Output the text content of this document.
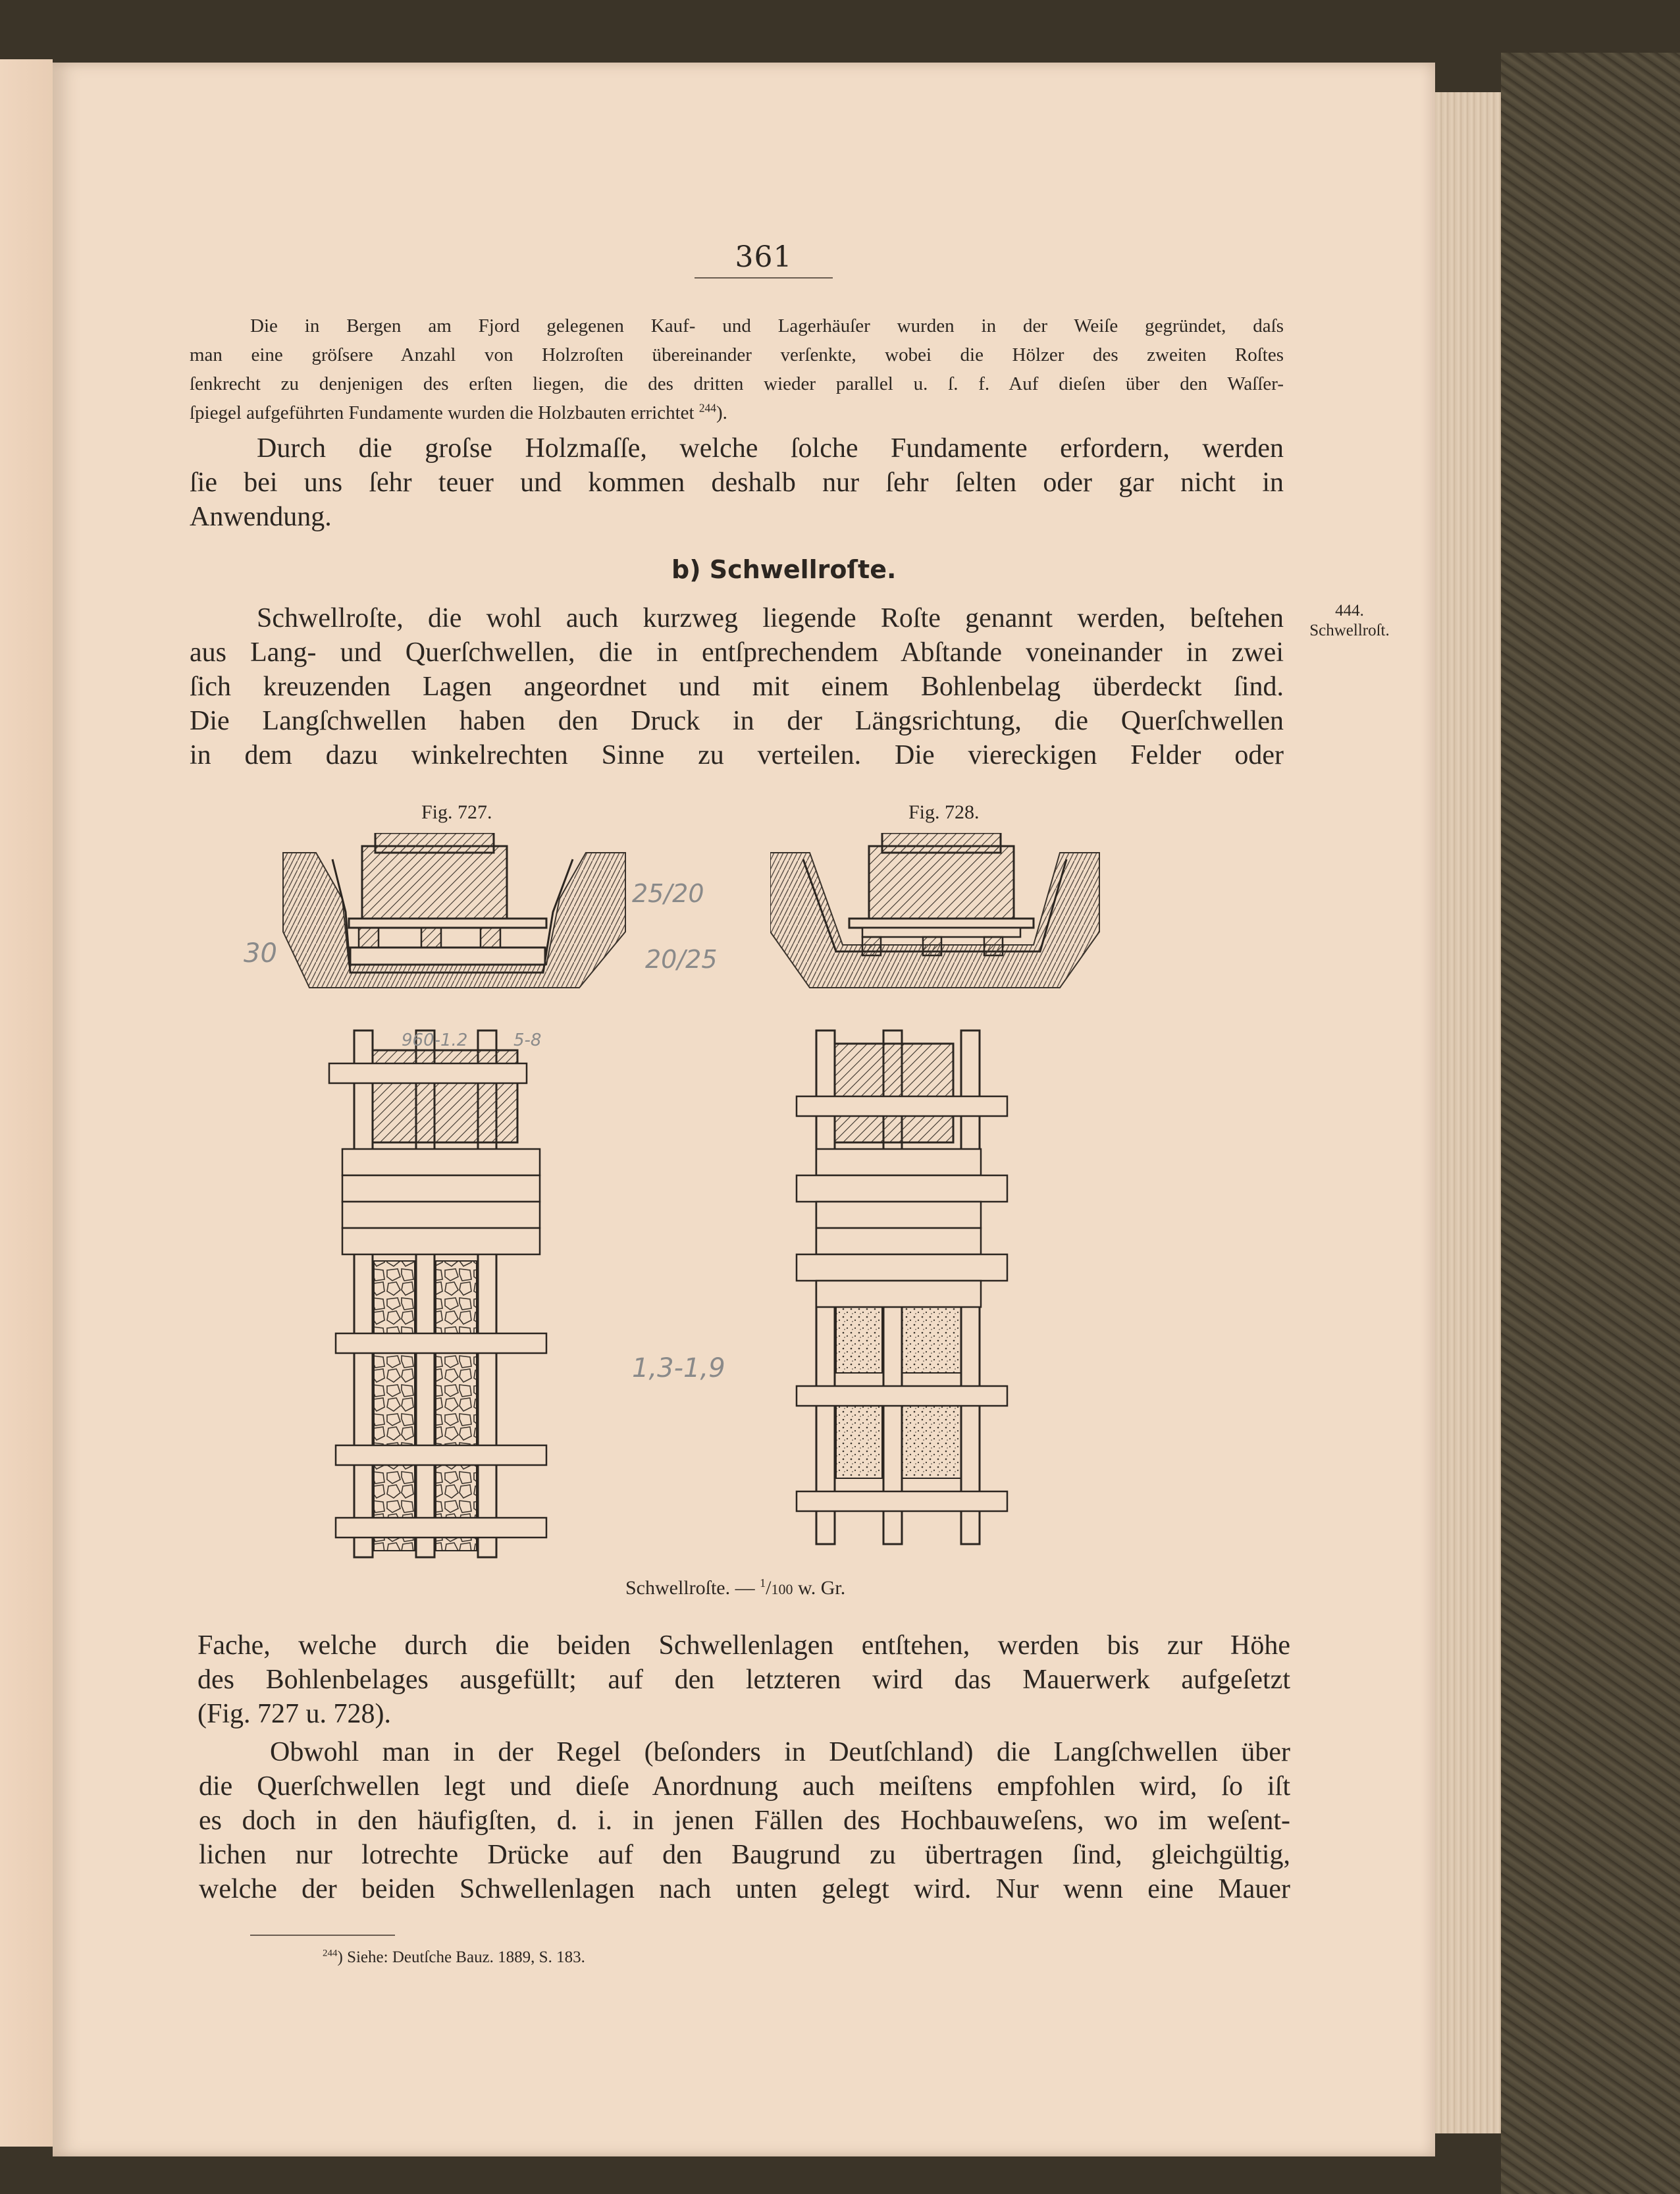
361

Die in Bergen am Fjord gelegenen Kauf- und Lagerhäuſer wurden in der Weiſe gegründet, daſs

man eine gröſsere Anzahl von Holzroſten übereinander verſenkte, wobei die Hölzer des zweiten Roſtes

ſenkrecht zu denjenigen des erſten liegen, die des dritten wieder parallel u. ſ. f. Auf dieſen über den Waſſer-

ſpiegel aufgeführten Fundamente wurden die Holzbauten errichtet $^{244}$).

Durch die groſse Holzmaſſe, welche ſolche Fundamente erfordern, werden

ſie bei uns ſehr teuer und kommen deshalb nur ſehr ſelten oder gar nicht in

Anwendung.

b) Schwellroſte.

444.
Schwellroſt.

Schwellroſte, die wohl auch kurzweg liegende Roſte genannt werden, beſtehen

aus Lang- und Querſchwellen, die in entſprechendem Abſtande voneinander in zwei

ſich kreuzenden Lagen angeordnet und mit einem Bohlenbelag überdeckt ſind.

Die Langſchwellen haben den Druck in der Längsrichtung, die Querſchwellen

in dem dazu winkelrechten Sinne zu verteilen. Die viereckigen Felder oder

Fig. 727.	Fig. 728.

25/20

20/25

960-1.2	5-8

30

1,3-1,9

Schwellroſte. — $^1$/100 w. Gr.

Fache, welche durch die beiden Schwellenlagen entſtehen, werden bis zur Höhe

des Bohlenbelages ausgefüllt; auf den letzteren wird das Mauerwerk aufgeſetzt

(Fig. 727 u. 728).

Obwohl man in der Regel (beſonders in Deutſchland) die Langſchwellen über

die Querſchwellen legt und dieſe Anordnung auch meiſtens empfohlen wird, ſo iſt

es doch in den häufigſten, d. i. in jenen Fällen des Hochbauweſens, wo im weſent-

lichen nur lotrechte Drücke auf den Baugrund zu übertragen ſind, gleichgültig,

welche der beiden Schwellenlagen nach unten gelegt wird. Nur wenn eine Mauer

$^{244}$) Siehe: Deutſche Bauz. 1889, S. 183.
